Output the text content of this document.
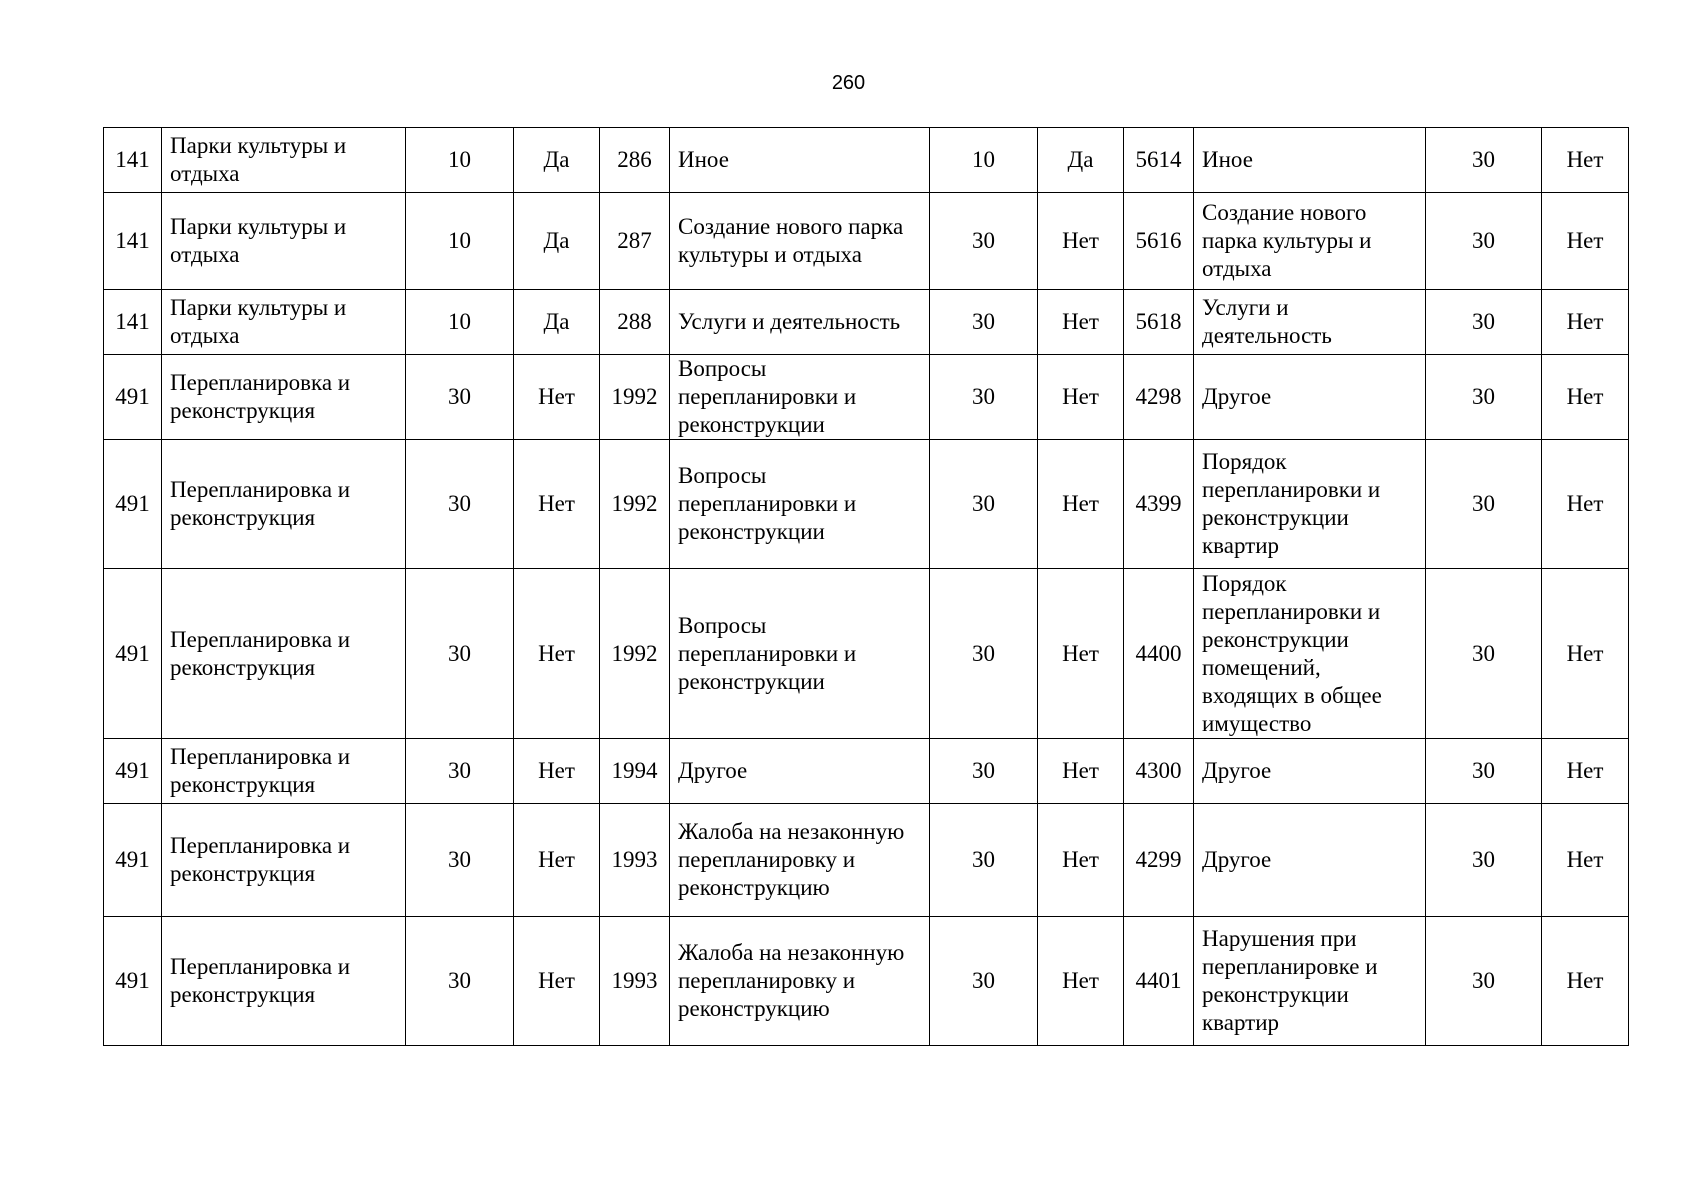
260
141	Парки культуры и отдыха	10	Да	286	Иное	10	Да	5614	Иное	30	Нет
141	Парки культуры и отдыха	10	Да	287	Создание нового парка культуры и отдыха	30	Нет	5616	Создание нового парка культуры и отдыха	30	Нет
141	Парки культуры и отдыха	10	Да	288	Услуги и деятельность	30	Нет	5618	Услуги и деятельность	30	Нет
491	Перепланировка и реконструкция	30	Нет	1992	Вопросы перепланировки и реконструкции	30	Нет	4298	Другое	30	Нет
491	Перепланировка и реконструкция	30	Нет	1992	Вопросы перепланировки и реконструкции	30	Нет	4399	Порядок перепланировки и реконструкции квартир	30	Нет
491	Перепланировка и реконструкция	30	Нет	1992	Вопросы перепланировки и реконструкции	30	Нет	4400	Порядок перепланировки и реконструкции помещений, входящих в общее имущество	30	Нет
491	Перепланировка и реконструкция	30	Нет	1994	Другое	30	Нет	4300	Другое	30	Нет
491	Перепланировка и реконструкция	30	Нет	1993	Жалоба на незаконную перепланировку и реконструкцию	30	Нет	4299	Другое	30	Нет
491	Перепланировка и реконструкция	30	Нет	1993	Жалоба на незаконную перепланировку и реконструкцию	30	Нет	4401	Нарушения при перепланировке и реконструкции квартир	30	Нет
